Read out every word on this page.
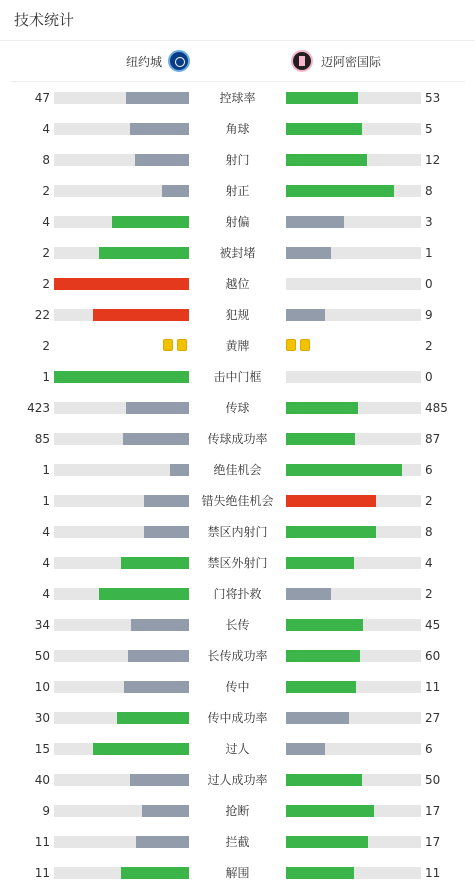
技术统计
纽约城	迈阿密国际
47	控球率	53
4	角球	5
8	射门	12
2	射正	8
4	射偏	3
2	被封堵	1
2	越位	0
22	犯规	9
2	黄牌	2
1	击中门框	0
423	传球	485
85	传球成功率	87
1	绝佳机会	6
1	错失绝佳机会	2
4	禁区内射门	8
4	禁区外射门	4
4	门将扑救	2
34	长传	45
50	长传成功率	60
10	传中	11
30	传中成功率	27
15	过人	6
40	过人成功率	50
9	抢断	17
11	拦截	17
11	解围	11
